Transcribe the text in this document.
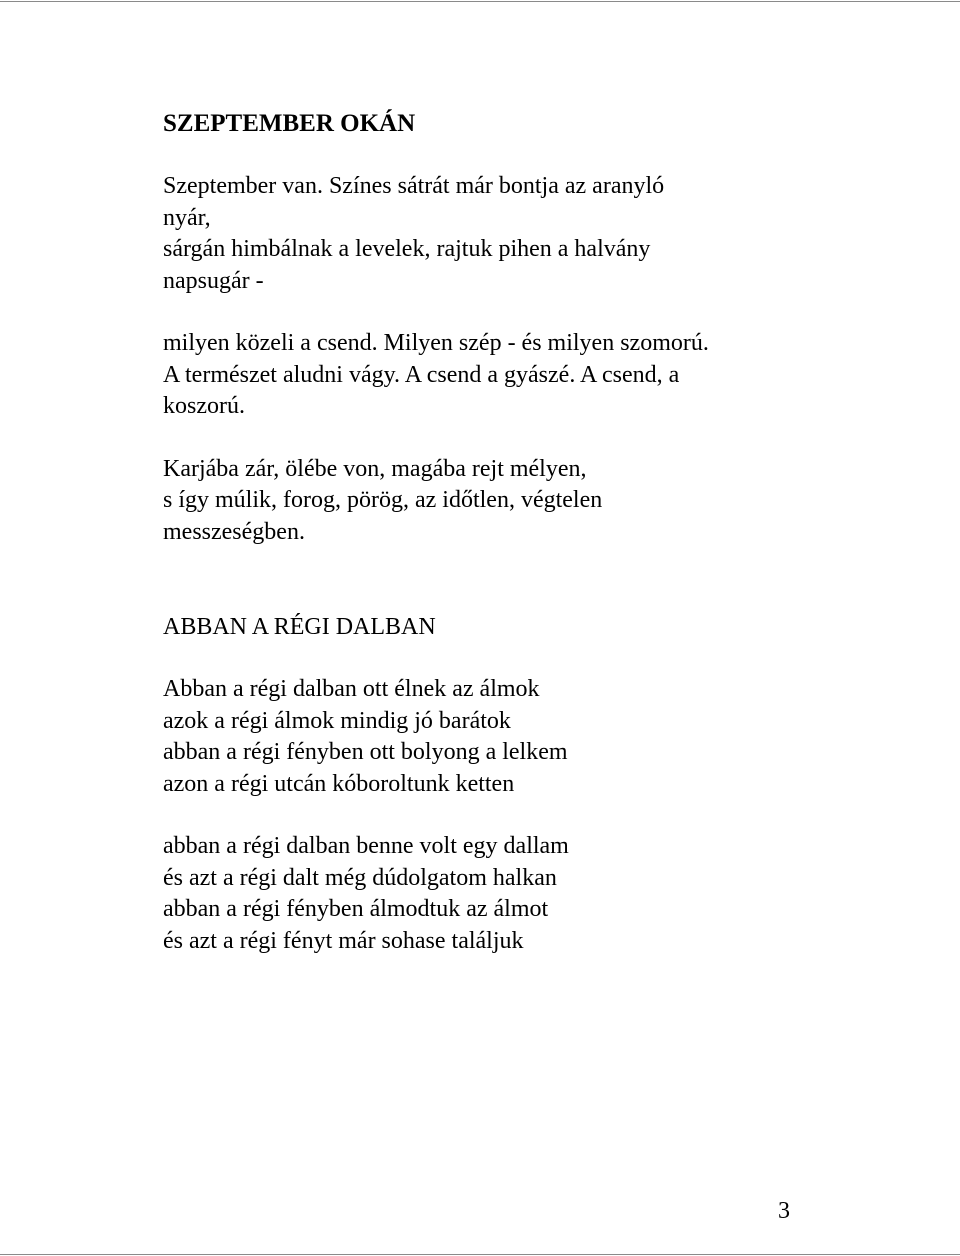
SZEPTEMBER OKÁN
Szeptember van. Színes sátrát már bontja az aranyló
nyár,
sárgán himbálnak a levelek, rajtuk pihen a halvány
napsugár -
milyen közeli a csend. Milyen szép - és milyen szomorú.
A természet aludni vágy. A csend a gyászé. A csend, a
koszorú.
Karjába zár, ölébe von, magába rejt mélyen,
s így múlik, forog, pörög, az időtlen, végtelen
messzeségben.
ABBAN A RÉGI DALBAN
Abban a régi dalban ott élnek az álmok
azok a régi álmok mindig jó barátok
abban a régi fényben ott bolyong a lelkem
azon a régi utcán kóboroltunk ketten
abban a régi dalban benne volt egy dallam
és azt a régi dalt még dúdolgatom halkan
abban a régi fényben álmodtuk az álmot
és azt a régi fényt már sohase találjuk
3
